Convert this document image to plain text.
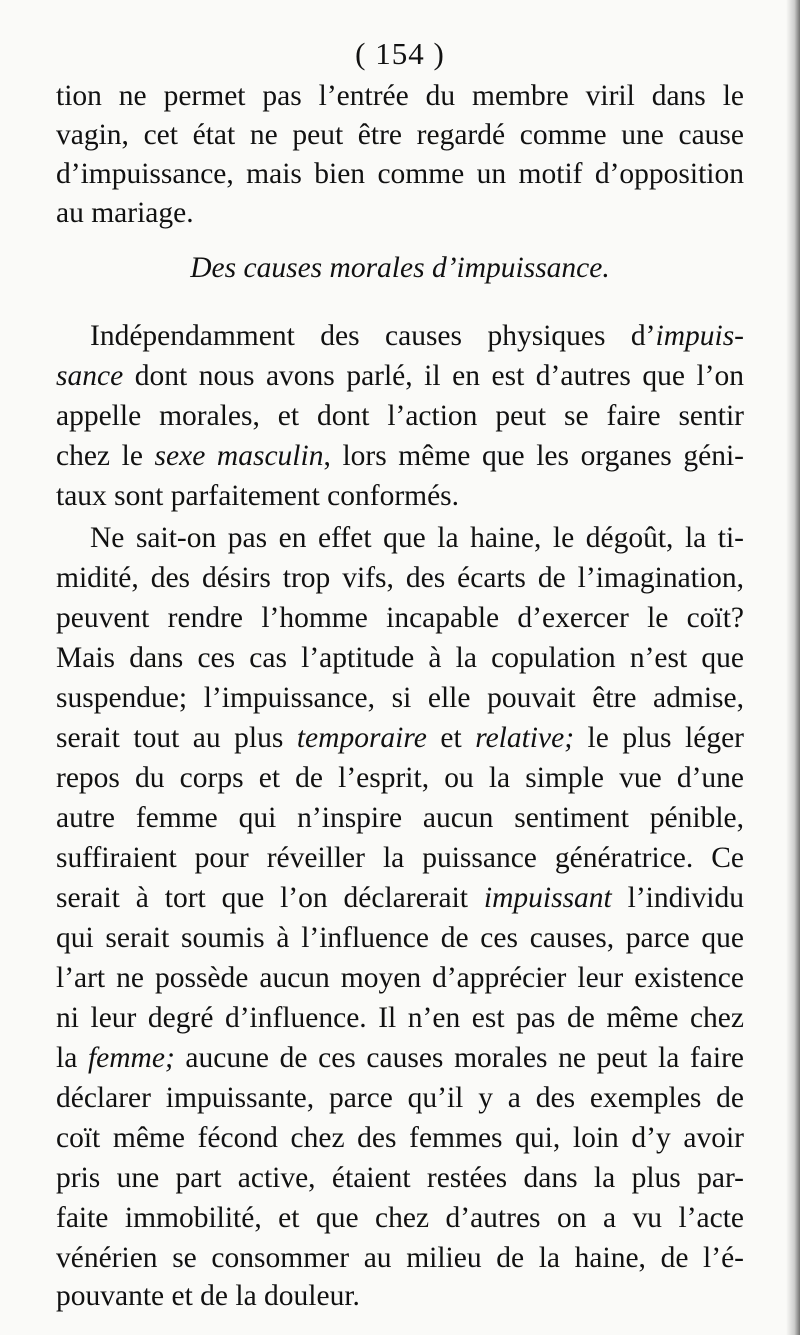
( 154 )
tion ne permet pas l’entrée du membre viril dans le
vagin, cet état ne peut être regardé comme une cause
d’impuissance, mais bien comme un motif d’opposition
au mariage.
Des causes morales d’impuissance.
Indépendamment des causes physiques d’impuis-
sance dont nous avons parlé, il en est d’autres que l’on
appelle morales, et dont l’action peut se faire sentir
chez le sexe masculin, lors même que les organes géni-
taux sont parfaitement conformés.
Ne sait-on pas en effet que la haine, le dégoût, la ti-
midité, des désirs trop vifs, des écarts de l’imagination,
peuvent rendre l’homme incapable d’exercer le coït?
Mais dans ces cas l’aptitude à la copulation n’est que
suspendue; l’impuissance, si elle pouvait être admise,
serait tout au plus temporaire et relative; le plus léger
repos du corps et de l’esprit, ou la simple vue d’une
autre femme qui n’inspire aucun sentiment pénible,
suffiraient pour réveiller la puissance génératrice. Ce
serait à tort que l’on déclarerait impuissant l’individu
qui serait soumis à l’influence de ces causes, parce que
l’art ne possède aucun moyen d’apprécier leur existence
ni leur degré d’influence. Il n’en est pas de même chez
la femme; aucune de ces causes morales ne peut la faire
déclarer impuissante, parce qu’il y a des exemples de
coït même fécond chez des femmes qui, loin d’y avoir
pris une part active, étaient restées dans la plus par-
faite immobilité, et que chez d’autres on a vu l’acte
vénérien se consommer au milieu de la haine, de l’é-
pouvante et de la douleur.
